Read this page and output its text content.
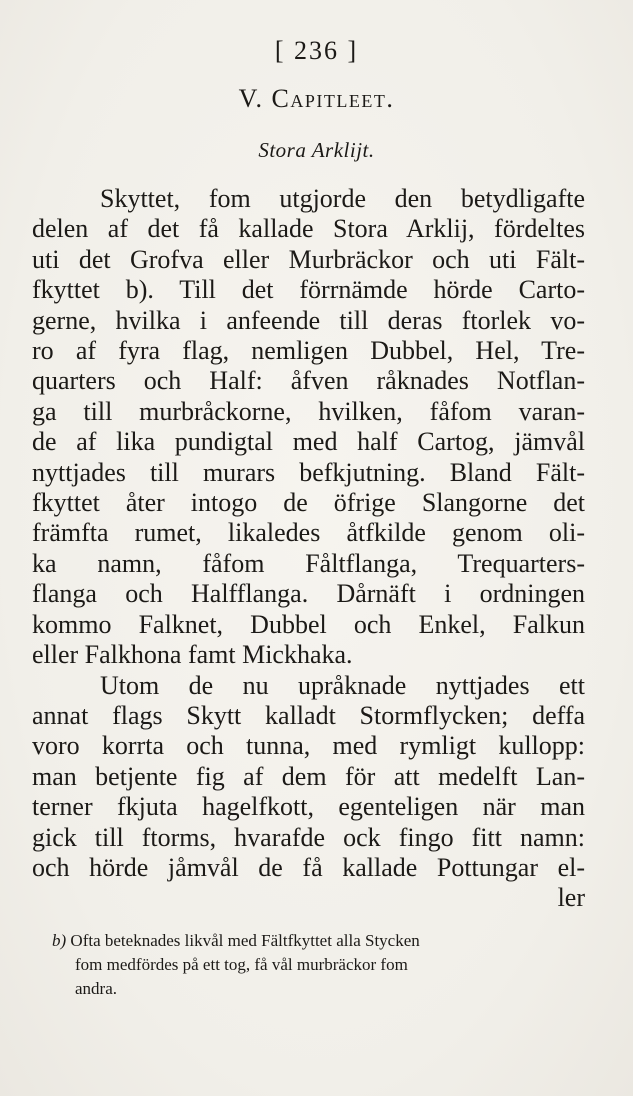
[ 236 ]
V. Capitleet.
Stora Arklijt.
Skyttet, fom utgjorde den betydligafte
delen af det få kallade Stora Arklij, fördeltes
uti det Grofva eller Murbräckor och uti Fält-
fkyttet b). Till det förrnämde hörde Carto-
gerne, hvilka i anfeende till deras ftorlek vo-
ro af fyra flag, nemligen Dubbel, Hel, Tre-
quarters och Half: åfven råknades Notflan-
ga till murbråckorne, hvilken, fåfom varan-
de af lika pundigtal med half Cartog, jämvål
nyttjades till murars befkjutning. Bland Fält-
fkyttet åter intogo de öfrige Slangorne det
främfta rumet, likaledes åtfkilde genom oli-
ka namn, fåfom Fåltflanga, Trequarters-
flanga och Halfflanga. Dårnäft i ordningen
kommo Falknet, Dubbel och Enkel, Falkun
eller Falkhona famt Mickhaka.
Utom de nu upråknade nyttjades ett
annat flags Skytt kalladt Stormflycken; deffa
voro korrta och tunna, med rymligt kullopp:
man betjente fig af dem för att medelft Lan-
terner fkjuta hagelfkott, egenteligen när man
gick till ftorms, hvarafde ock fingo fitt namn:
och hörde jåmvål de få kallade Pottungar el-
ler
b) Ofta beteknades likvål med Fältfkyttet alla Stycken
fom medfördes på ett tog, få vål murbräckor fom
andra.
